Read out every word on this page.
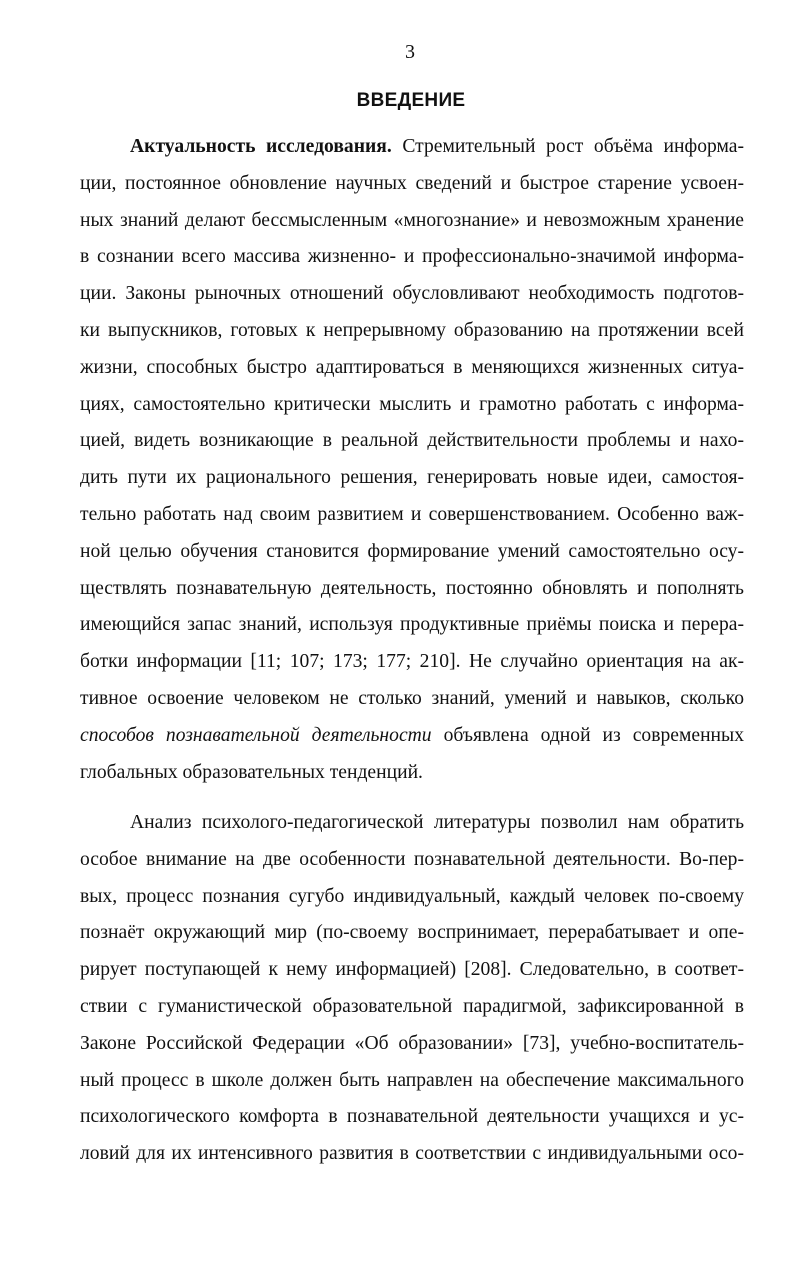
3
ВВЕДЕНИЕ
Актуальность исследования. Стремительный рост объёма информа-
ции, постоянное обновление научных сведений и быстрое старение усвоен-
ных знаний делают бессмысленным «многознание» и невозможным хранение
в сознании всего массива жизненно- и профессионально-значимой информа-
ции. Законы рыночных отношений обусловливают необходимость подготов-
ки выпускников, готовых к непрерывному образованию на протяжении всей
жизни, способных быстро адаптироваться в меняющихся жизненных ситуа-
циях, самостоятельно критически мыслить и грамотно работать с информа-
цией, видеть возникающие в реальной действительности проблемы и нахо-
дить пути их рационального решения, генерировать новые идеи, самостоя-
тельно работать над своим развитием и совершенствованием. Особенно важ-
ной целью обучения становится формирование умений самостоятельно осу-
ществлять познавательную деятельность, постоянно обновлять и пополнять
имеющийся запас знаний, используя продуктивные приёмы поиска и перера-
ботки информации [11; 107; 173; 177; 210]. Не случайно ориентация на ак-
тивное освоение человеком не столько знаний, умений и навыков, сколько
способов познавательной деятельности объявлена одной из современных
глобальных образовательных тенденций.
Анализ психолого-педагогической литературы позволил нам обратить
особое внимание на две особенности познавательной деятельности. Во-пер-
вых, процесс познания сугубо индивидуальный, каждый человек по-своему
познаёт окружающий мир (по-своему воспринимает, перерабатывает и опе-
рирует поступающей к нему информацией) [208]. Следовательно, в соответ-
ствии с гуманистической образовательной парадигмой, зафиксированной в
Законе Российской Федерации «Об образовании» [73], учебно-воспитатель-
ный процесс в школе должен быть направлен на обеспечение максимального
психологического комфорта в познавательной деятельности учащихся и ус-
ловий для их интенсивного развития в соответствии с индивидуальными осо-
